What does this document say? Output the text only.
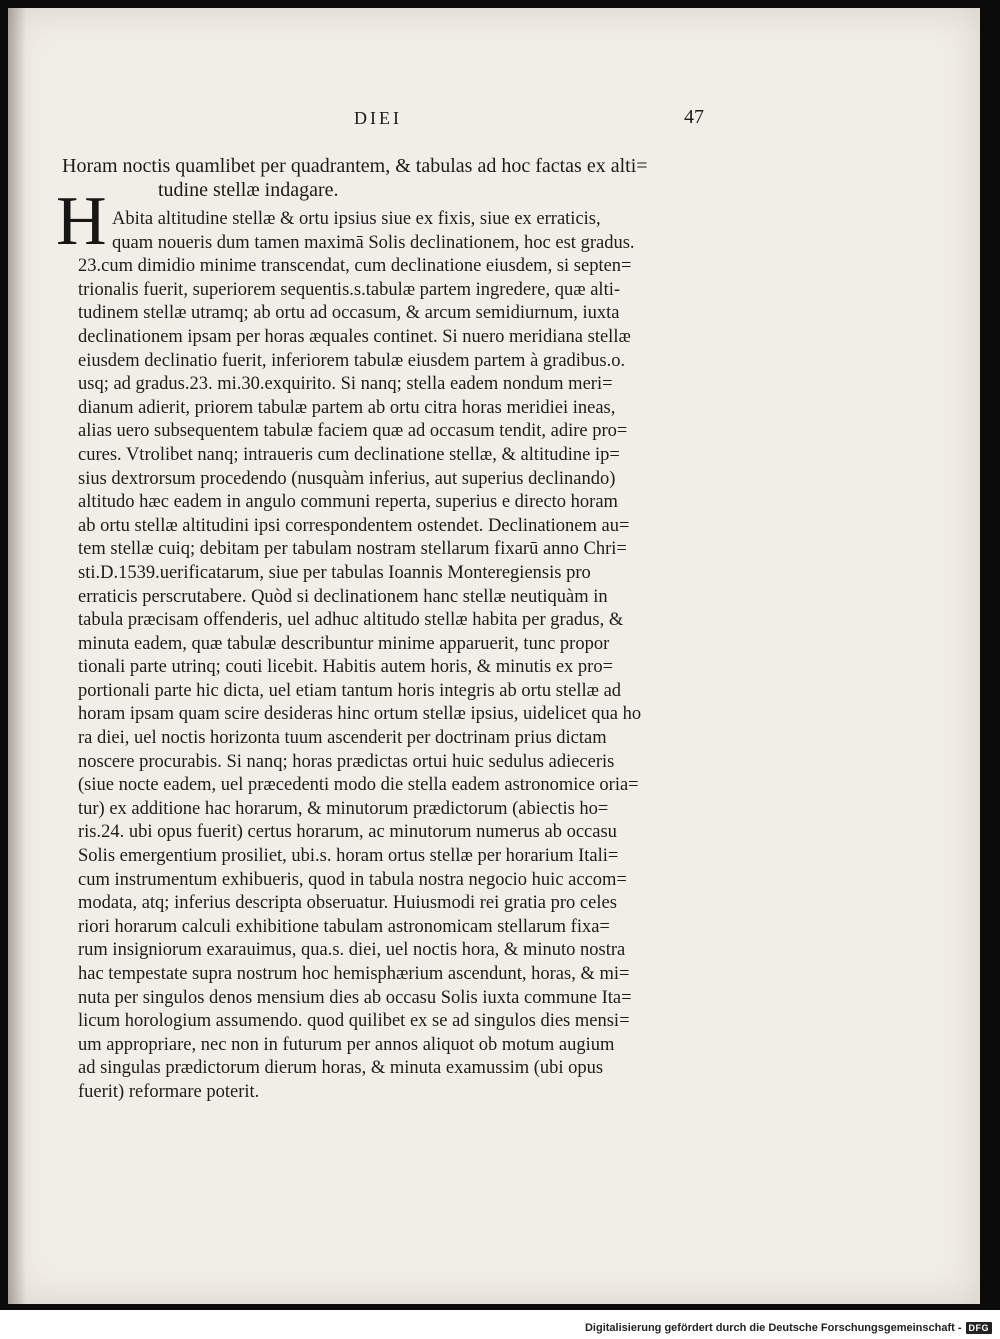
DIEI	47
Horam noctis quamlibet per quadrantem, & tabulas ad hoc factas ex alti=
tudine stellæ indagare.
H Abita altitudine stellæ & ortu ipsius siue ex fixis, siue ex erraticis,
quam noueris dum tamen maximā Solis declinationem, hoc est gradus.
23.cum dimidio minime transcendat, cum declinatione eiusdem, si septen=
trionalis fuerit, superiorem sequentis.s.tabulæ partem ingredere, quæ alti-
tudinem stellæ utramq; ab ortu ad occasum, & arcum semidiurnum, iuxta
declinationem ipsam per horas æquales continet. Si nuero meridiana stellæ
eiusdem declinatio fuerit, inferiorem tabulæ eiusdem partem à gradibus.o.
usq; ad gradus.23. mi.30.exquirito. Si nanq; stella eadem nondum meri=
dianum adierit, priorem tabulæ partem ab ortu citra horas meridiei ineas,
alias uero subsequentem tabulæ faciem quæ ad occasum tendit, adire pro=
cures. Vtrolibet nanq; intraueris cum declinatione stellæ, & altitudine ip=
sius dextrorsum procedendo (nusquàm inferius, aut superius declinando)
altitudo hæc eadem in angulo communi reperta, superius e directo horam
ab ortu stellæ altitudini ipsi correspondentem ostendet. Declinationem au=
tem stellæ cuiq; debitam per tabulam nostram stellarum fixarū anno Chri=
sti.D.1539.uerificatarum, siue per tabulas Ioannis Monteregiensis pro
erraticis perscrutabere. Quòd si declinationem hanc stellæ neutiquàm in
tabula præcisam offenderis, uel adhuc altitudo stellæ habita per gradus, &
minuta eadem, quæ tabulæ describuntur minime apparuerit, tunc propor
tionali parte utrinq; couti licebit. Habitis autem horis, & minutis ex pro=
portionali parte hic dicta, uel etiam tantum horis integris ab ortu stellæ ad
horam ipsam quam scire desideras hinc ortum stellæ ipsius, uidelicet qua ho
ra diei, uel noctis horizonta tuum ascenderit per doctrinam prius dictam
noscere procurabis. Si nanq; horas prædictas ortui huic sedulus adieceris
(siue nocte eadem, uel præcedenti modo die stella eadem astronomice oria=
tur) ex additione hac horarum, & minutorum prædictorum (abiectis ho=
ris.24. ubi opus fuerit) certus horarum, ac minutorum numerus ab occasu
Solis emergentium prosiliet, ubi.s. horam ortus stellæ per horarium Itali=
cum instrumentum exhibueris, quod in tabula nostra negocio huic accom=
modata, atq; inferius descripta obseruatur. Huiusmodi rei gratia pro celes
riori horarum calculi exhibitione tabulam astronomicam stellarum fixa=
rum insigniorum exarauimus, qua.s. diei, uel noctis hora, & minuto nostra
hac tempestate supra nostrum hoc hemisphærium ascendunt, horas, & mi=
nuta per singulos denos mensium dies ab occasu Solis iuxta commune Ita=
licum horologium assumendo. quod quilibet ex se ad singulos dies mensi=
um appropriare, nec non in futurum per annos aliquot ob motum augium
ad singulas prædictorum dierum horas, & minuta examussim (ubi opus
fuerit) reformare poterit.
Digitalisierung gefördert durch die Deutsche Forschungsgemeinschaft - DFG
